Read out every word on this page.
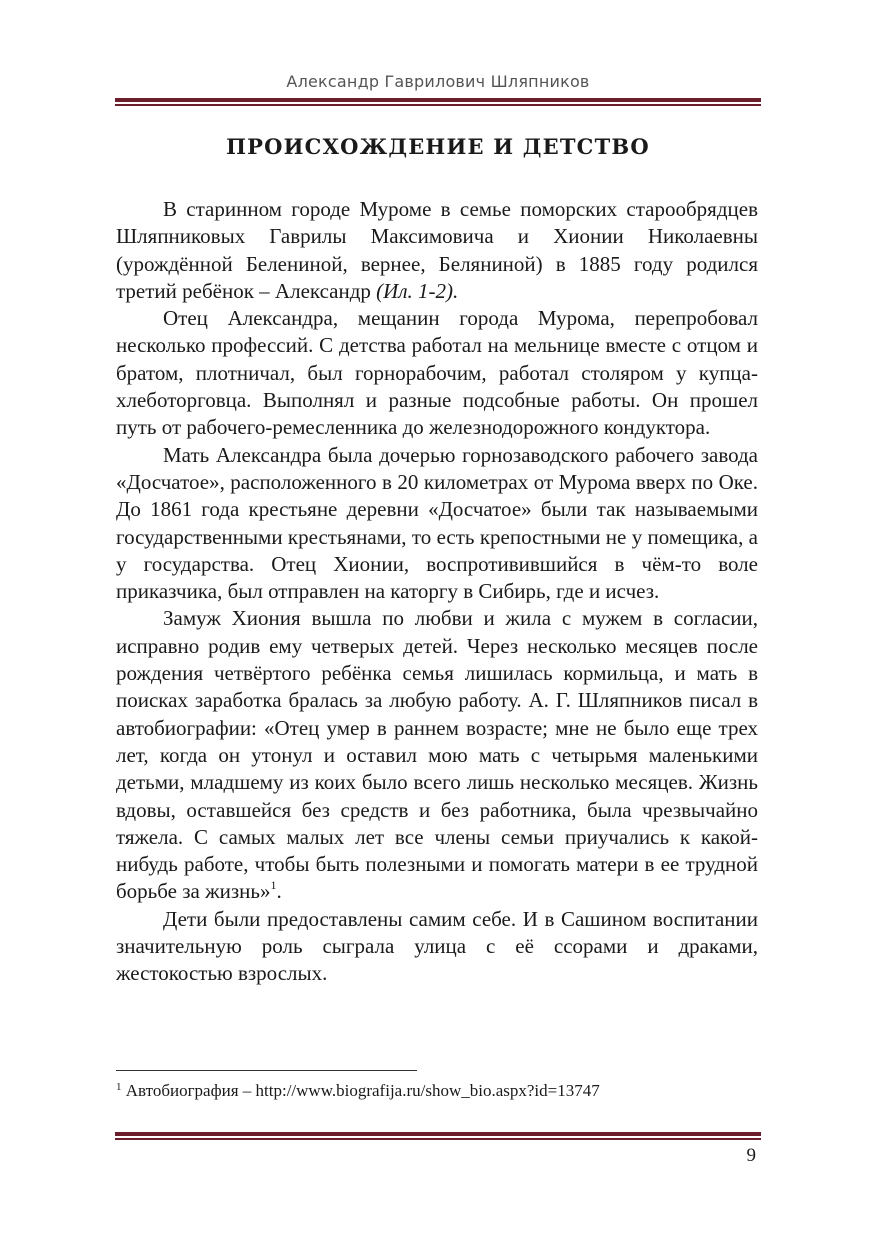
Александр Гаврилович Шляпников
ПРОИСХОЖДЕНИЕ И ДЕТСТВО

В старинном городе Муроме в семье поморских старообрядцев Шляпниковых Гаврилы Максимовича и Хионии Николаевны (урождённой Белениной, вернее, Беляниной) в 1885 году родился третий ребёнок – Александр (Ил. 1-2).

Отец Александра, мещанин города Мурома, перепробовал несколько профессий. С детства работал на мельнице вместе с отцом и братом, плотничал, был горнорабочим, работал столяром у купца-хлеботорговца. Выполнял и разные подсобные работы. Он прошел путь от рабочего-ремесленника до железнодорожного кондуктора.

Мать Александра была дочерью горнозаводского рабочего завода «Досчатое», расположенного в 20 километрах от Мурома вверх по Оке. До 1861 года крестьяне деревни «Досчатое» были так называемыми государственными крестьянами, то есть крепостными не у помещика, а у государства. Отец Хионии, воспротивившийся в чём-то воле приказчика, был отправлен на каторгу в Сибирь, где и исчез.

Замуж Хиония вышла по любви и жила с мужем в согласии, исправно родив ему четверых детей. Через несколько месяцев после рождения четвёртого ребёнка семья лишилась кормильца, и мать в поисках заработка бралась за любую работу. А. Г. Шляпников писал в автобиографии: «Отец умер в раннем возрасте; мне не было еще трех лет, когда он утонул и оставил мою мать с четырьмя маленькими детьми, младшему из коих было всего лишь несколько месяцев. Жизнь вдовы, оставшейся без средств и без работника, была чрезвычайно тяжела. С самых малых лет все члены семьи приучались к какой-нибудь работе, чтобы быть полезными и помогать матери в ее трудной борьбе за жизнь»$^1$.

Дети были предоставлены самим себе. И в Сашином воспитании значительную роль сыграла улица с её ссорами и драками, жестокостью взрослых.

$^1$ Автобиография – http://www.biografija.ru/show_bio.aspx?id=13747
9
